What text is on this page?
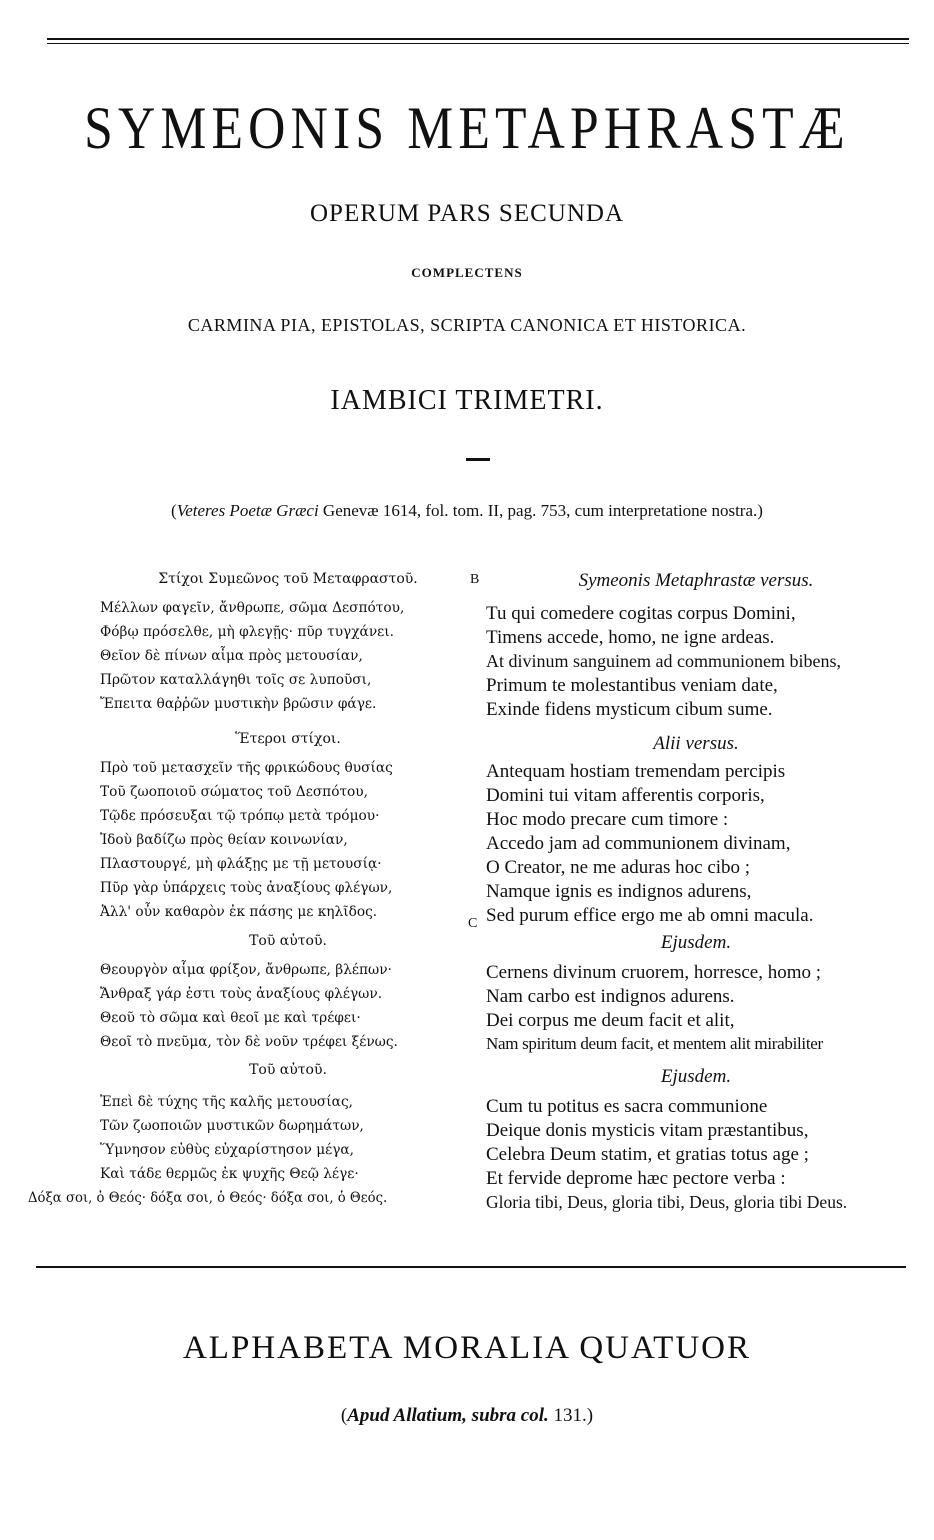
SYMEONIS METAPHRASTÆ
OPERUM PARS SECUNDA
COMPLECTENS
CARMINA PIA, EPISTOLAS, SCRIPTA CANONICA ET HISTORICA.
IAMBICI TRIMETRI.
(Veteres Poetæ Græci Genevæ 1614, fol. tom. II, pag. 753, cum interpretatione nostra.)
B
C
Στίχοι Συμεῶνος τοῦ Μεταφραστοῦ.
Μέλλων φαγεῖν, ἄνθρωπε, σῶμα Δεσπότου,
Φόβῳ πρόσελθε, μὴ φλεγῇς· πῦρ τυγχάνει.
Θεῖον δὲ πίνων αἷμα πρὸς μετουσίαν,
Πρῶτον καταλλάγηθι τοῖς σε λυποῦσι,
Ἔπειτα θαῤῥῶν μυστικὴν βρῶσιν φάγε.
Ἕτεροι στίχοι.
Πρὸ τοῦ μετασχεῖν τῆς φρικώδους θυσίας
Τοῦ ζωοποιοῦ σώματος τοῦ Δεσπότου,
Τῷδε πρόσευξαι τῷ τρόπῳ μετὰ τρόμου·
Ἰδοὺ βαδίζω πρὸς θείαν κοινωνίαν,
Πλαστουργέ, μὴ φλάξῃς με τῇ μετουσίᾳ·
Πῦρ γὰρ ὑπάρχεις τοὺς ἀναξίους φλέγων,
Ἀλλ' οὖν καθαρὸν ἐκ πάσης με κηλῖδος.
Τοῦ αὐτοῦ.
Θεουργὸν αἷμα φρίξον, ἄνθρωπε, βλέπων·
Ἄνθραξ γάρ ἐστι τοὺς ἀναξίους φλέγων.
Θεοῦ τὸ σῶμα καὶ θεοῖ με καὶ τρέφει·
Θεοῖ τὸ πνεῦμα, τὸν δὲ νοῦν τρέφει ξένως.
Τοῦ αὐτοῦ.
Ἐπεὶ δὲ τύχης τῆς καλῆς μετουσίας,
Τῶν ζωοποιῶν μυστικῶν δωρημάτων,
Ὕμνησον εὐθὺς εὐχαρίστησον μέγα,
Καὶ τάδε θερμῶς ἐκ ψυχῆς Θεῷ λέγε·
Δόξα σοι, ὁ Θεός· δόξα σοι, ὁ Θεός· δόξα σοι, ὁ Θεός.
Symeonis Metaphrastæ versus.
Tu qui comedere cogitas corpus Domini,
Timens accede, homo, ne igne ardeas.
At divinum sanguinem ad communionem bibens,
Primum te molestantibus veniam date,
Exinde fidens mysticum cibum sume.
Alii versus.
Antequam hostiam tremendam percipis
Domini tui vitam afferentis corporis,
Hoc modo precare cum timore :
Accedo jam ad communionem divinam,
O Creator, ne me aduras hoc cibo ;
Namque ignis es indignos adurens,
Sed purum effice ergo me ab omni macula.
Ejusdem.
Cernens divinum cruorem, horresce, homo ;
Nam carbo est indignos adurens.
Dei corpus me deum facit et alit,
Nam spiritum deum facit, et mentem alit mirabiliter
Ejusdem.
Cum tu potitus es sacra communione
Deique donis mysticis vitam præstantibus,
Celebra Deum statim, et gratias totus age ;
Et fervide deprome hæc pectore verba :
Gloria tibi, Deus, gloria tibi, Deus, gloria tibi Deus.
ALPHABETA MORALIA QUATUOR
(Apud Allatium, subra col. 131.)
